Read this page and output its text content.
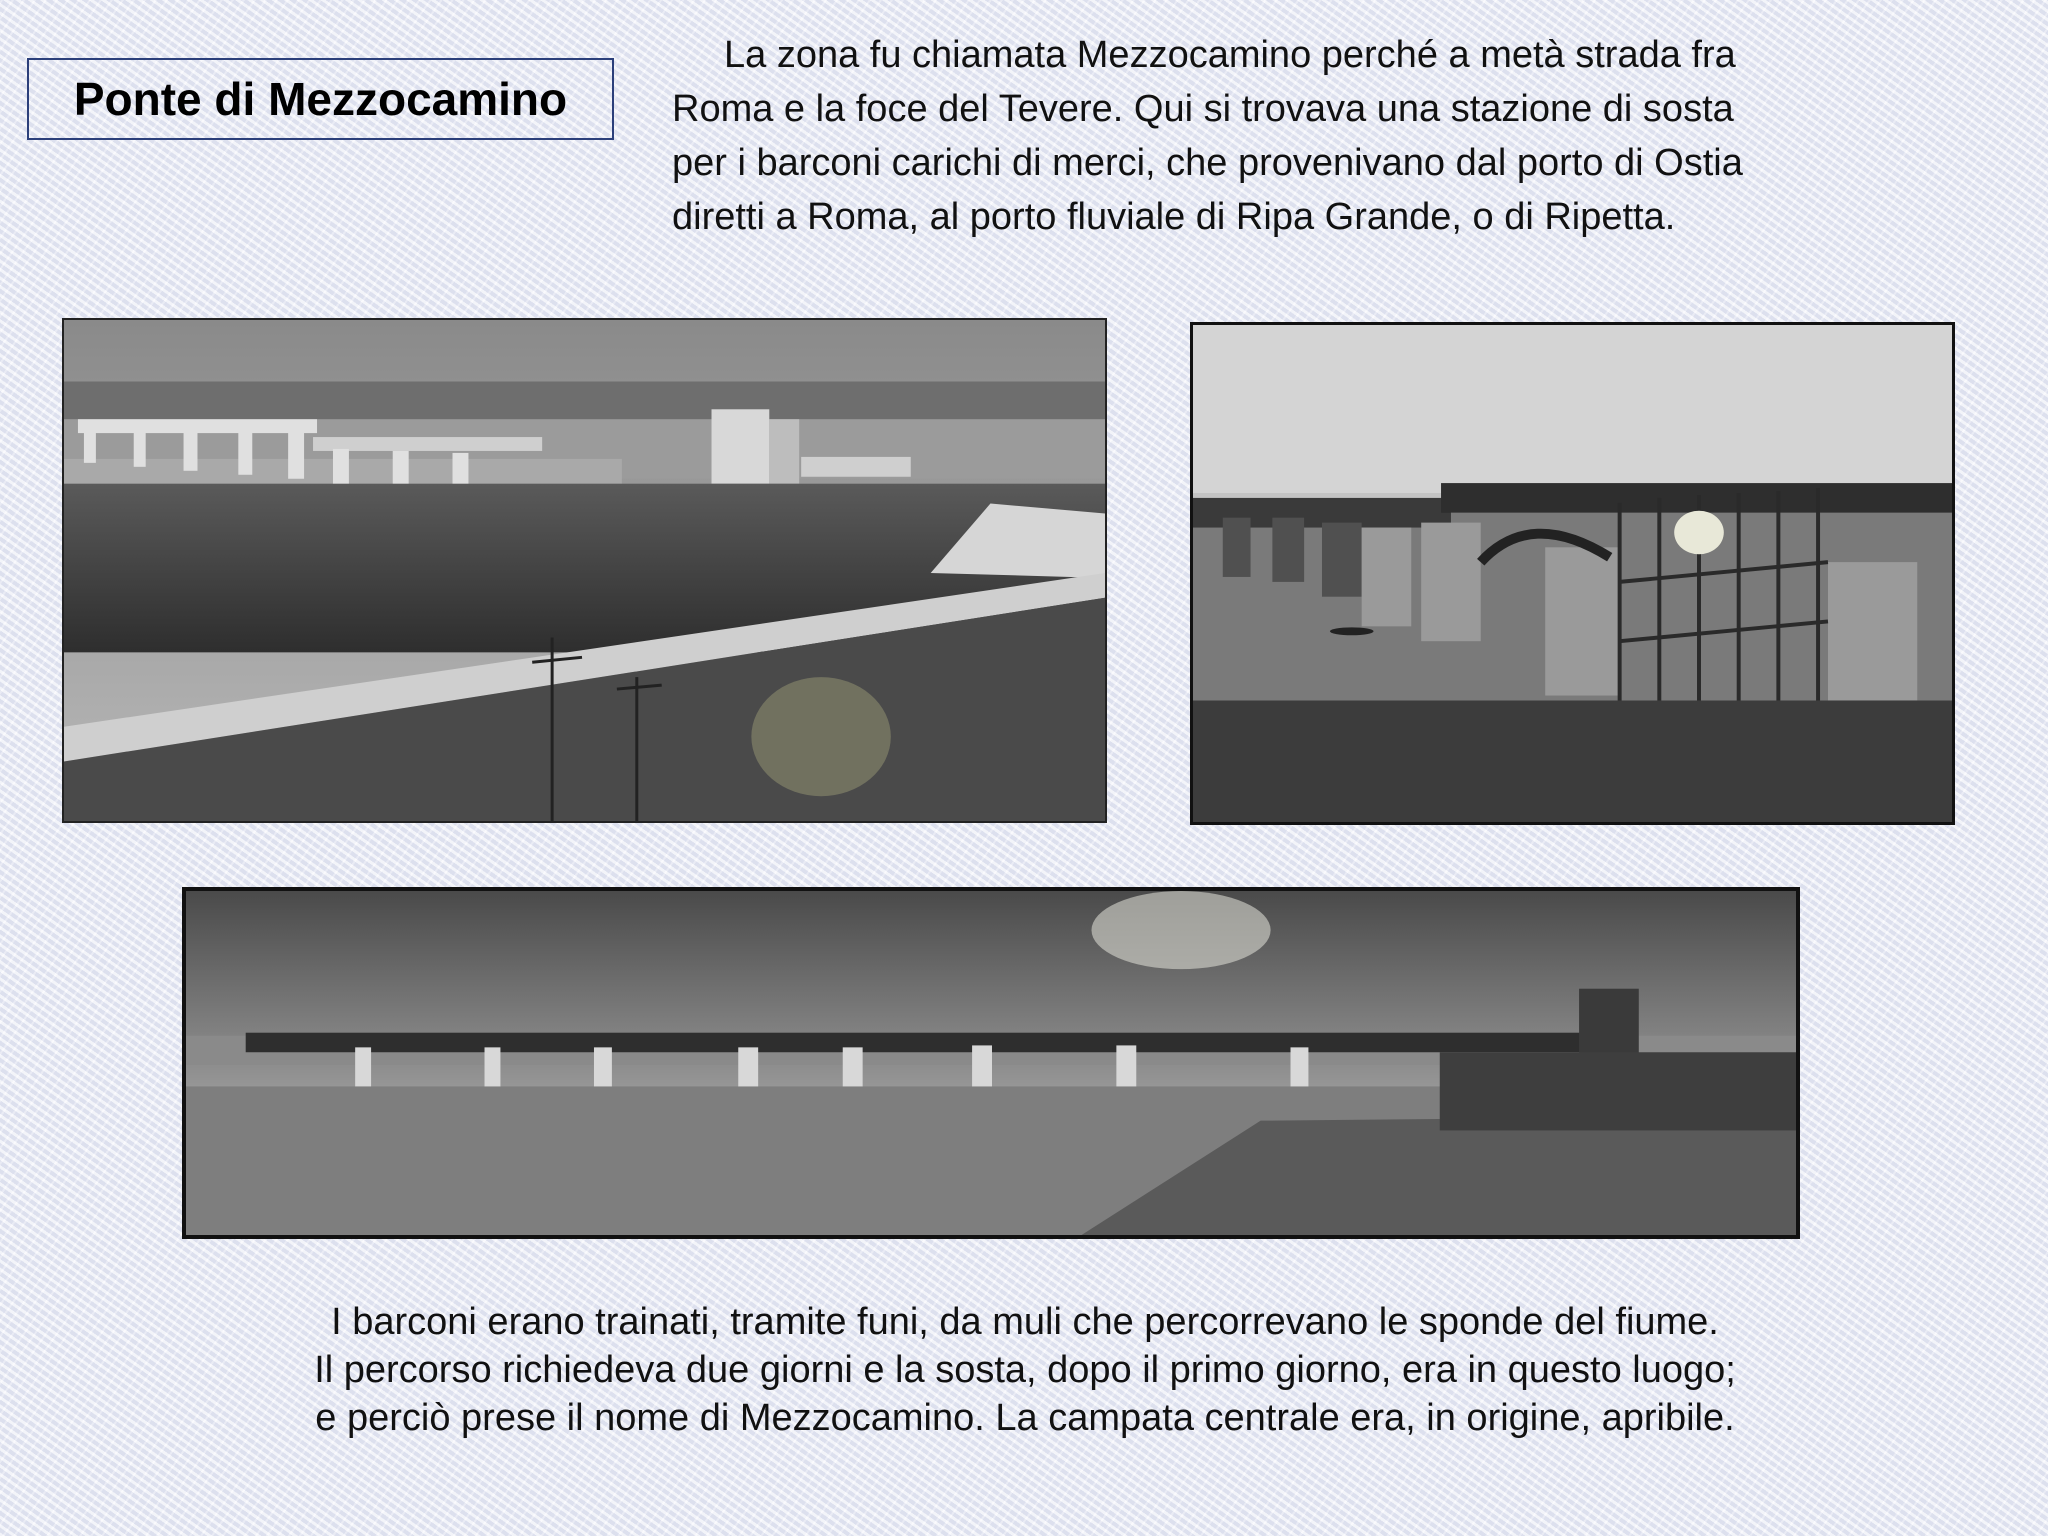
Ponte di Mezzocamino
La zona fu chiamata Mezzocamino perché a metà strada fra
Roma e la foce del Tevere. Qui si trovava una stazione di sosta
per i barconi carichi di merci, che provenivano dal porto di Ostia
diretti a Roma, al porto fluviale di Ripa Grande, o di Ripetta.
I barconi erano trainati, tramite funi, da muli che percorrevano le sponde del fiume.
Il percorso richiedeva due giorni e la sosta, dopo il primo giorno, era in questo luogo;
e perciò prese il nome di Mezzocamino. La campata centrale era, in origine, apribile.
